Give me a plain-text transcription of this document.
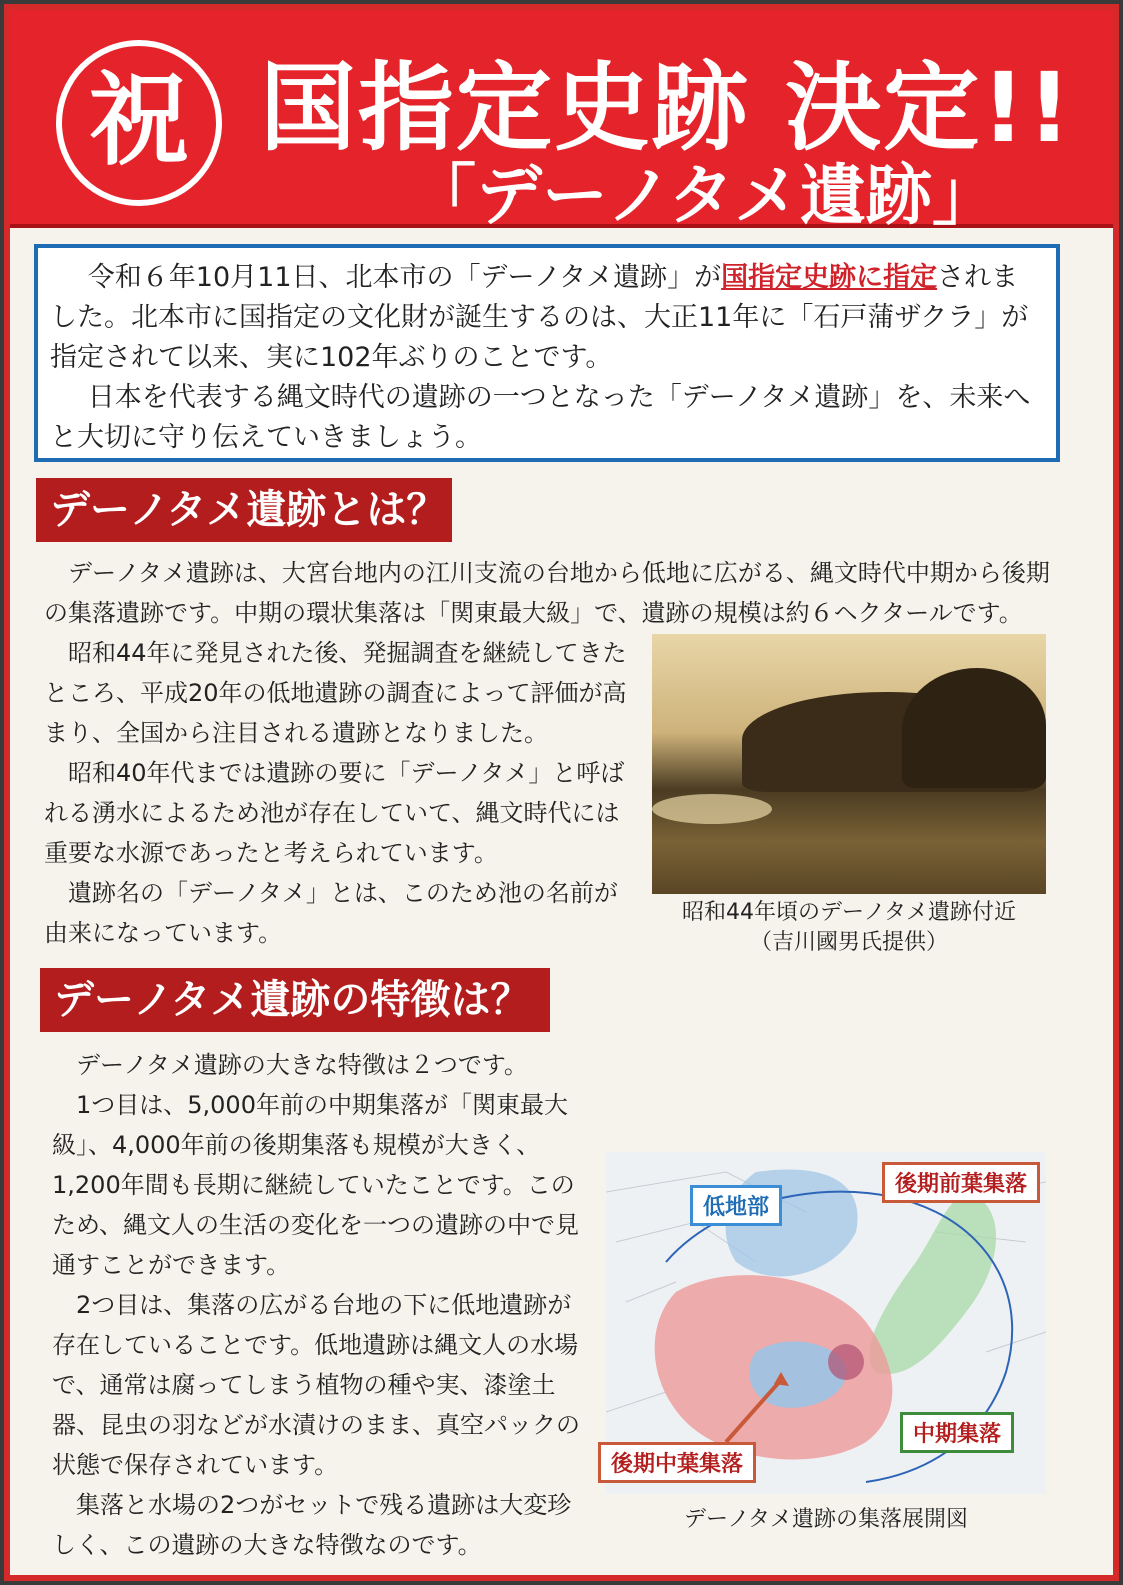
祝 国指定史跡 決定!!
「デーノタメ遺跡」

令和６年10月11日、北本市の「デーノタメ遺跡」が国指定史跡に指定されました。北本市に国指定の文化財が誕生するのは、大正11年に「石戸蒲ザクラ」が指定されて以来、実に102年ぶりのことです。

日本を代表する縄文時代の遺跡の一つとなった「デーノタメ遺跡」を、未来へと大切に守り伝えていきましょう。

デーノタメ遺跡とは？

デーノタメ遺跡は、大宮台地内の江川支流の台地から低地に広がる、縄文時代中期から後期の集落遺跡です。中期の環状集落は「関東最大級」で、遺跡の規模は約６ヘクタールです。

昭和44年に発見された後、発掘調査を継続してきたところ、平成20年の低地遺跡の調査によって評価が高まり、全国から注目される遺跡となりました。

昭和40年代までは遺跡の要に「デーノタメ」と呼ばれる湧水によるため池が存在していて、縄文時代には重要な水源であったと考えられています。

遺跡名の「デーノタメ」とは、このため池の名前が由来になっています。

昭和44年頃のデーノタメ遺跡付近
（吉川國男氏提供）
デーノタメ遺跡の特徴は？

デーノタメ遺跡の大きな特徴は２つです。

1つ目は、5,000年前の中期集落が「関東最大級」、4,000年前の後期集落も規模が大きく、1,200年間も長期に継続していたことです。このため、縄文人の生活の変化を一つの遺跡の中で見通すことができます。

2つ目は、集落の広がる台地の下に低地遺跡が存在していることです。低地遺跡は縄文人の水場で、通常は腐ってしまう植物の種や実、漆塗土器、昆虫の羽などが水漬けのまま、真空パックの状態で保存されています。

集落と水場の2つがセットで残る遺跡は大変珍しく、この遺跡の大きな特徴なのです。

低地部
後期前葉集落
中期集落
後期中葉集落
デーノタメ遺跡の集落展開図
